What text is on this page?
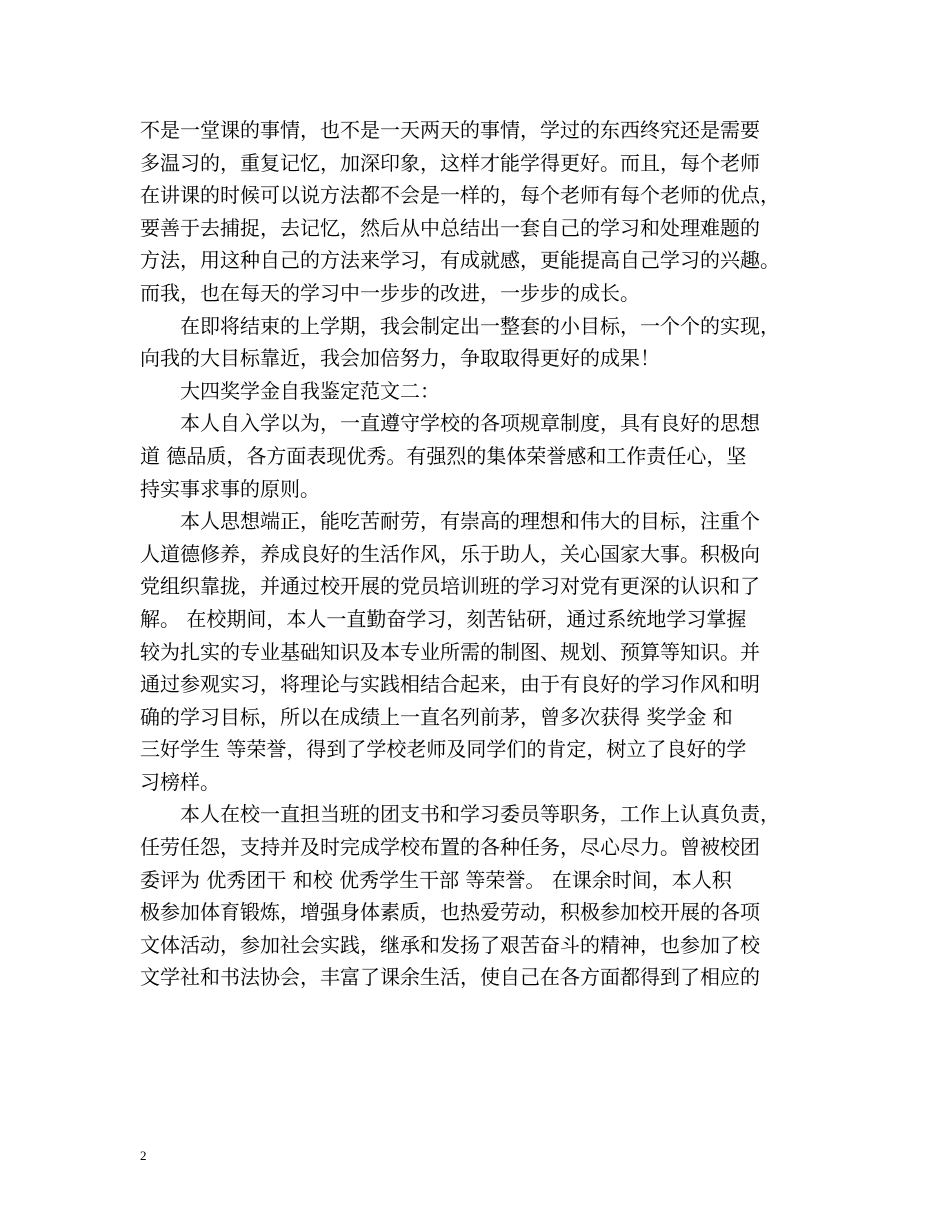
不是一堂课的事情，也不是一天两天的事情，学过的东西终究还是需要
多温习的，重复记忆，加深印象，这样才能学得更好。而且，每个老师
在讲课的时候可以说方法都不会是一样的，每个老师有每个老师的优点，
要善于去捕捉，去记忆，然后从中总结出一套自己的学习和处理难题的
方法，用这种自己的方法来学习，有成就感，更能提高自己学习的兴趣。
而我，也在每天的学习中一步步的改进，一步步的成长。
在即将结束的上学期，我会制定出一整套的小目标，一个个的实现，
向我的大目标靠近，我会加倍努力，争取取得更好的成果！
大四奖学金自我鉴定范文二：
本人自入学以为，一直遵守学校的各项规章制度，具有良好的思想
道 德品质，各方面表现优秀。有强烈的集体荣誉感和工作责任心，坚
持实事求事的原则。
本人思想端正，能吃苦耐劳，有崇高的理想和伟大的目标，注重个
人道德修养，养成良好的生活作风，乐于助人，关心国家大事。积极向
党组织靠拢，并通过校开展的党员培训班的学习对党有更深的认识和了
解。 在校期间，本人一直勤奋学习，刻苦钻研，通过系统地学习掌握
较为扎实的专业基础知识及本专业所需的制图、规划、预算等知识。并
通过参观实习，将理论与实践相结合起来，由于有良好的学习作风和明
确的学习目标，所以在成绩上一直名列前茅，曾多次获得 奖学金 和
三好学生 等荣誉，得到了学校老师及同学们的肯定，树立了良好的学
习榜样。
本人在校一直担当班的团支书和学习委员等职务，工作上认真负责，
任劳任怨，支持并及时完成学校布置的各种任务，尽心尽力。曾被校团
委评为 优秀团干 和校 优秀学生干部 等荣誉。 在课余时间，本人积
极参加体育锻炼，增强身体素质，也热爱劳动，积极参加校开展的各项
文体活动，参加社会实践，继承和发扬了艰苦奋斗的精神，也参加了校
文学社和书法协会，丰富了课余生活，使自己在各方面都得到了相应的
2
